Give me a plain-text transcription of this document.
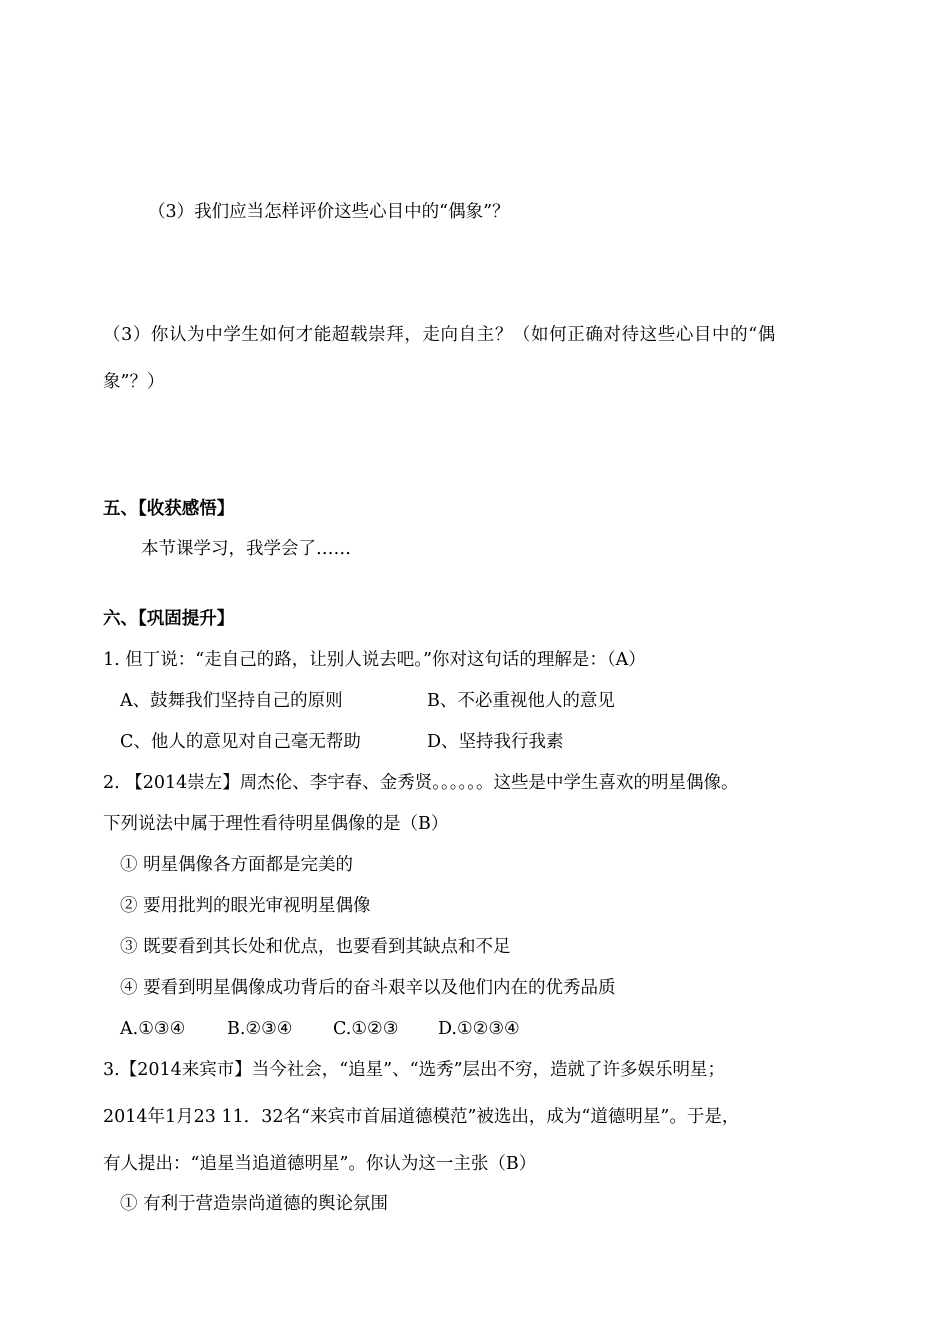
（3）我们应当怎样评价这些心目中的“偶象”？
（3）你认为中学生如何才能超载崇拜，走向自主？（如何正确对待这些心目中的“偶
象”？）
五、【收获感悟】
本节课学习，我学会了……
六、【巩固提升】
1. 但丁说：“走自己的路，让别人说去吧。”你对这句话的理解是：（A）
A、鼓舞我们坚持自己的原则	B、不必重视他人的意见
C、他人的意见对自己毫无帮助	D、坚持我行我素
2. 【2014崇左】周杰伦、李宇春、金秀贤。。。。。。这些是中学生喜欢的明星偶像。
下列说法中属于理性看待明星偶像的是（B）
① 明星偶像各方面都是完美的
② 要用批判的眼光审视明星偶像
③ 既要看到其长处和优点，也要看到其缺点和不足
④ 要看到明星偶像成功背后的奋斗艰辛以及他们内在的优秀品质
A.①③④ B.②③④ C.①②③ D.①②③④
3.【2014来宾市】当今社会，“追星”、“选秀”层出不穷，造就了许多娱乐明星；
2014年1月23 11．32名“来宾市首届道德模范”被选出，成为“道德明星”。于是，
有人提出：“追星当追道德明星”。你认为这一主张（B）
① 有利于营造崇尚道德的舆论氛围
